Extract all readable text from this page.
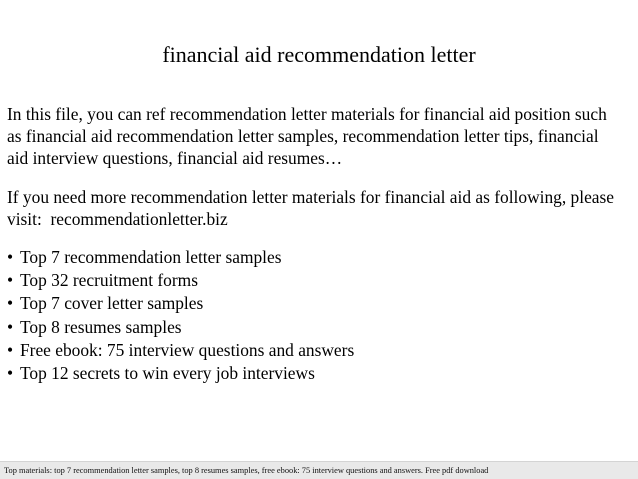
financial aid recommendation letter
In this file, you can ref recommendation letter materials for financial aid position such
as financial aid recommendation letter samples, recommendation letter tips, financial
aid interview questions, financial aid resumes…
If you need more recommendation letter materials for financial aid as following, please
visit:  recommendationletter.biz
• Top 7 recommendation letter samples
• Top 32 recruitment forms
• Top 7 cover letter samples
• Top 8 resumes samples
• Free ebook: 75 interview questions and answers
• Top 12 secrets to win every job interviews
Top materials: top 7 recommendation letter samples, top 8 resumes samples, free ebook: 75 interview questions and answers. Free pdf download
